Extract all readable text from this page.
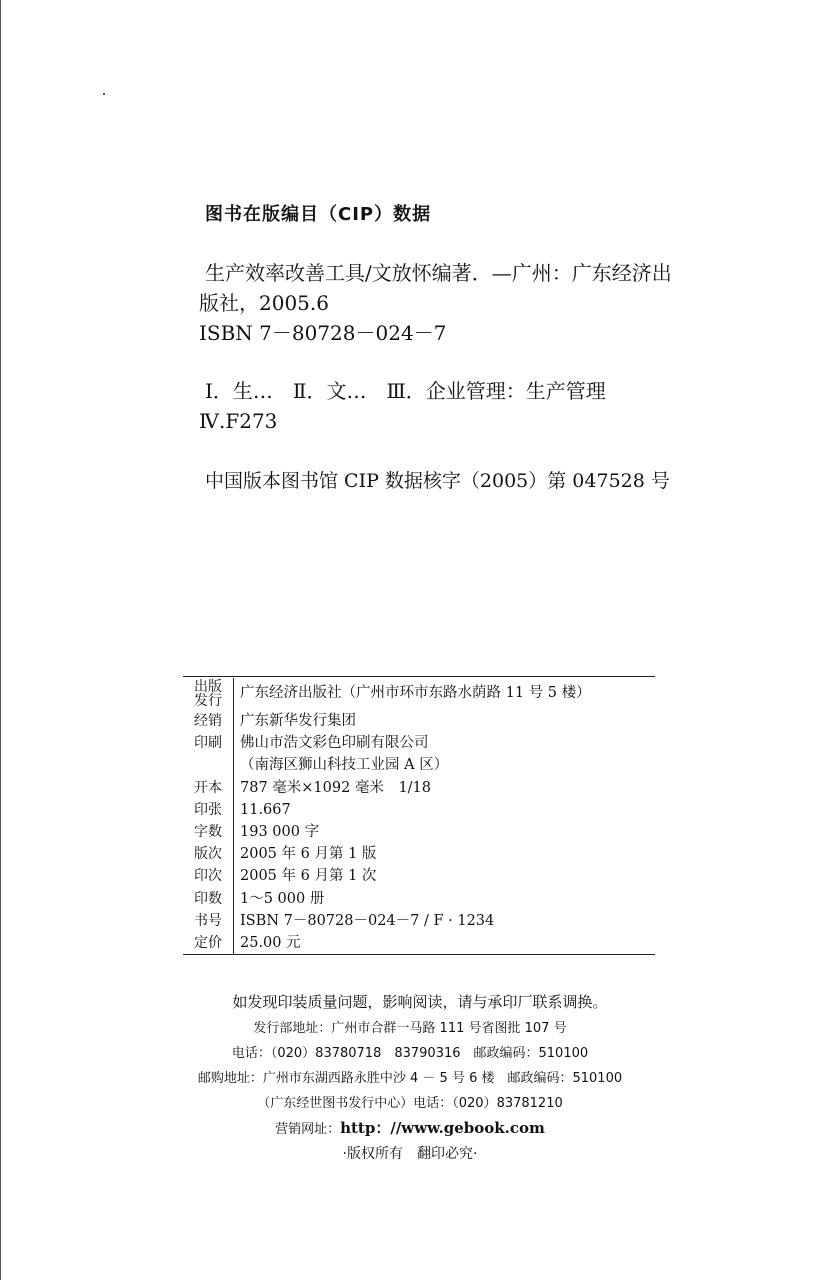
图书在版编目（CIP）数据
生产效率改善工具/文放怀编著．—广州：广东经济出
版社，2005.6
ISBN 7－80728－024－7
Ⅰ．生…　Ⅱ．文…　Ⅲ．企业管理：生产管理
Ⅳ.F273
中国版本图书馆 CIP 数据核字（2005）第 047528 号
出版
发行	广东经济出版社（广州市环市东路水荫路 11 号 5 楼）
经销	广东新华发行集团
印刷	佛山市浩文彩色印刷有限公司
	（南海区狮山科技工业园 A 区）
开本	787 毫米×1092 毫米　1/18
印张	11.667
字数	193 000 字
版次	2005 年 6 月第 1 版
印次	2005 年 6 月第 1 次
印数	1～5 000 册
书号	ISBN 7－80728－024－7 / F · 1234
定价	25.00 元
如发现印装质量问题，影响阅读，请与承印厂联系调换。
发行部地址：广州市合群一马路 111 号省图批 107 号
电话：（020）83780718　83790316　邮政编码：510100
邮购地址：广州市东湖西路永胜中沙 4 － 5 号 6 楼　邮政编码：510100
（广东经世图书发行中心）电话：（020）83781210
营销网址：http：//www.gebook.com
·版权所有　翻印必究·
